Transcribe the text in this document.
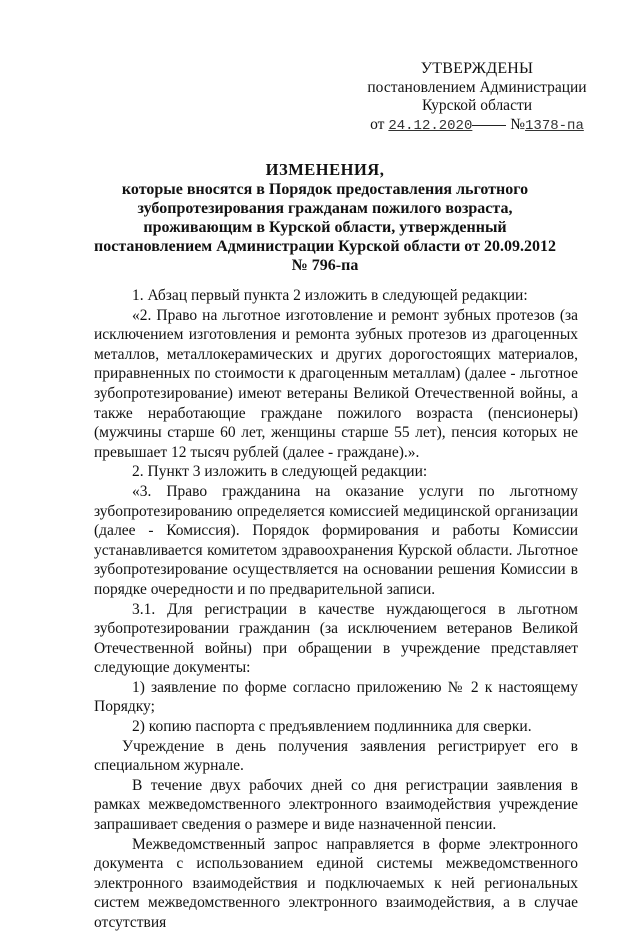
УТВЕРЖДЕНЫ
постановлением Администрации
Курской области
от 24.12.2020 №1378-па
ИЗМЕНЕНИЯ,
которые вносятся в Порядок предоставления льготного зубопротезирования гражданам пожилого возраста, проживающим в Курской области, утвержденный постановлением Администрации Курской области от 20.09.2012 № 796-па

1. Абзац первый пункта 2 изложить в следующей редакции:

«2. Право на льготное изготовление и ремонт зубных протезов (за исключением изготовления и ремонта зубных протезов из драгоценных металлов, металлокерамических и других дорогостоящих материалов, приравненных по стоимости к драгоценным металлам) (далее - льготное зубопротезирование) имеют ветераны Великой Отечественной войны, а также неработающие граждане пожилого возраста (пенсионеры) (мужчины старше 60 лет, женщины старше 55 лет), пенсия которых не превышает 12 тысяч рублей (далее - граждане).».

2. Пункт 3 изложить в следующей редакции:

«3. Право гражданина на оказание услуги по льготному зубопротезированию определяется комиссией медицинской организации (далее - Комиссия). Порядок формирования и работы Комиссии устанавливается комитетом здравоохранения Курской области. Льготное зубопротезирование осуществляется на основании решения Комиссии в порядке очередности и по предварительной записи.

3.1. Для регистрации в качестве нуждающегося в льготном зубопротезировании гражданин (за исключением ветеранов Великой Отечественной войны) при обращении в учреждение представляет следующие документы:

1) заявление по форме согласно приложению № 2 к настоящему Порядку;

2) копию паспорта с предъявлением подлинника для сверки.

Учреждение в день получения заявления регистрирует его в специальном журнале.

В течение двух рабочих дней со дня регистрации заявления в рамках межведомственного электронного взаимодействия учреждение запрашивает сведения о размере и виде назначенной пенсии.

Межведомственный запрос направляется в форме электронного документа с использованием единой системы межведомственного электронного взаимодействия и подключаемых к ней региональных систем межведомственного электронного взаимодействия, а в случае отсутствия
